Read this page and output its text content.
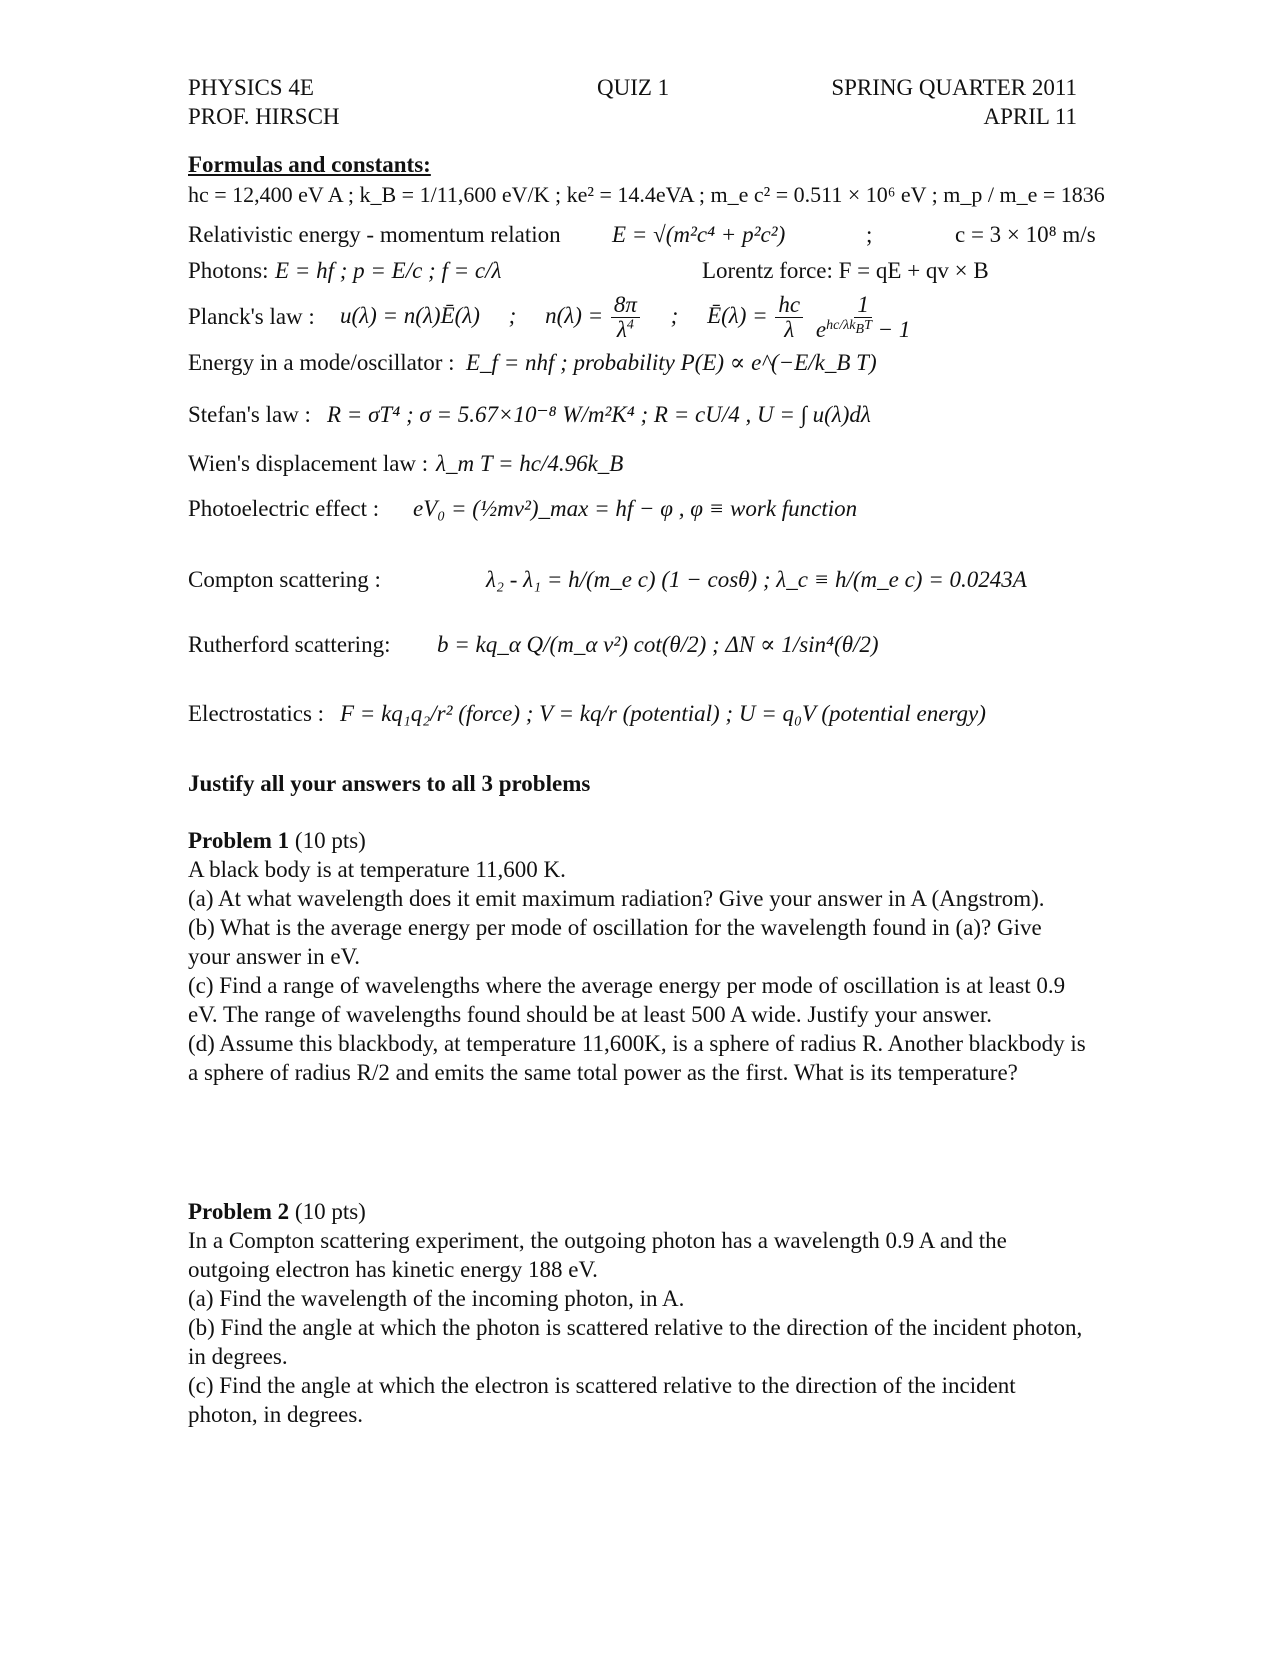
PHYSICS 4E	QUIZ 1	SPRING QUARTER 2011
PROF. HIRSCH	APRIL 11
Formulas and constants:
hc = 12,400 eV A ; k_B = 1/11,600 eV/K ; ke² = 14.4eVA ; m_e c² = 0.511 × 10⁶ eV ; m_p / m_e = 1836
Relativistic energy - momentum relation E = √(m²c⁴ + p²c²)	;	c = 3 × 10⁸ m/s
Photons: E = hf ; p = E/c ; f = c/λ	Lorentz force: F = qE + qv × B
Planck's law : u(λ) = n(λ)Ē(λ)     ;     $n(\lambda) = \frac{8\pi}{\lambda^4}$ ;     Ē(λ) = $\frac{hc}{\lambda}$
$\frac{1}{e^{hc/\lambda k_BT} - 1}$
Energy in a mode/oscillator : E_f = nhf ; probability P(E) ∝ e^(−E/k_B T)
Stefan's law : R = σT⁴ ; σ = 5.67×10⁻⁸ W/m²K⁴ ; R = cU/4 , U = ∫ u(λ)dλ
Wien's displacement law : λ_m T = hc/4.96k_B
Photoelectric effect : eV₀ = (½mv²)_max = hf − φ , φ ≡ work function
Compton scattering :	λ₂ - λ₁ = h/(m_e c) (1 − cosθ) ; λ_c ≡ h/(m_e c) = 0.0243A
Rutherford scattering: b = kq_α Q/(m_α v²) cot(θ/2) ; ΔN ∝ 1/sin⁴(θ/2)
Electrostatics : F = kq₁q₂/r² (force) ; V = kq/r (potential) ; U = q₀V (potential energy)
Justify all your answers to all 3 problems

Problem 1 (10 pts)

A black body is at temperature 11,600 K.

(a) At what wavelength does it emit maximum radiation? Give your answer in A (Angstrom).

(b) What is the average energy per mode of oscillation for the wavelength found in (a)? Give your answer in eV.

(c) Find a range of wavelengths where the average energy per mode of oscillation is at least 0.9 eV. The range of wavelengths found should be at least 500 A wide. Justify your answer.

(d) Assume this blackbody, at temperature 11,600K, is a sphere of radius R. Another blackbody is a sphere of radius R/2 and emits the same total power as the first. What is its temperature?

Problem 2 (10 pts)

In a Compton scattering experiment, the outgoing photon has a wavelength 0.9 A and the outgoing electron has kinetic energy 188 eV.

(a) Find the wavelength of the incoming photon, in A.

(b) Find the angle at which the photon is scattered relative to the direction of the incident photon, in degrees.

(c) Find the angle at which the electron is scattered relative to the direction of the incident photon, in degrees.
